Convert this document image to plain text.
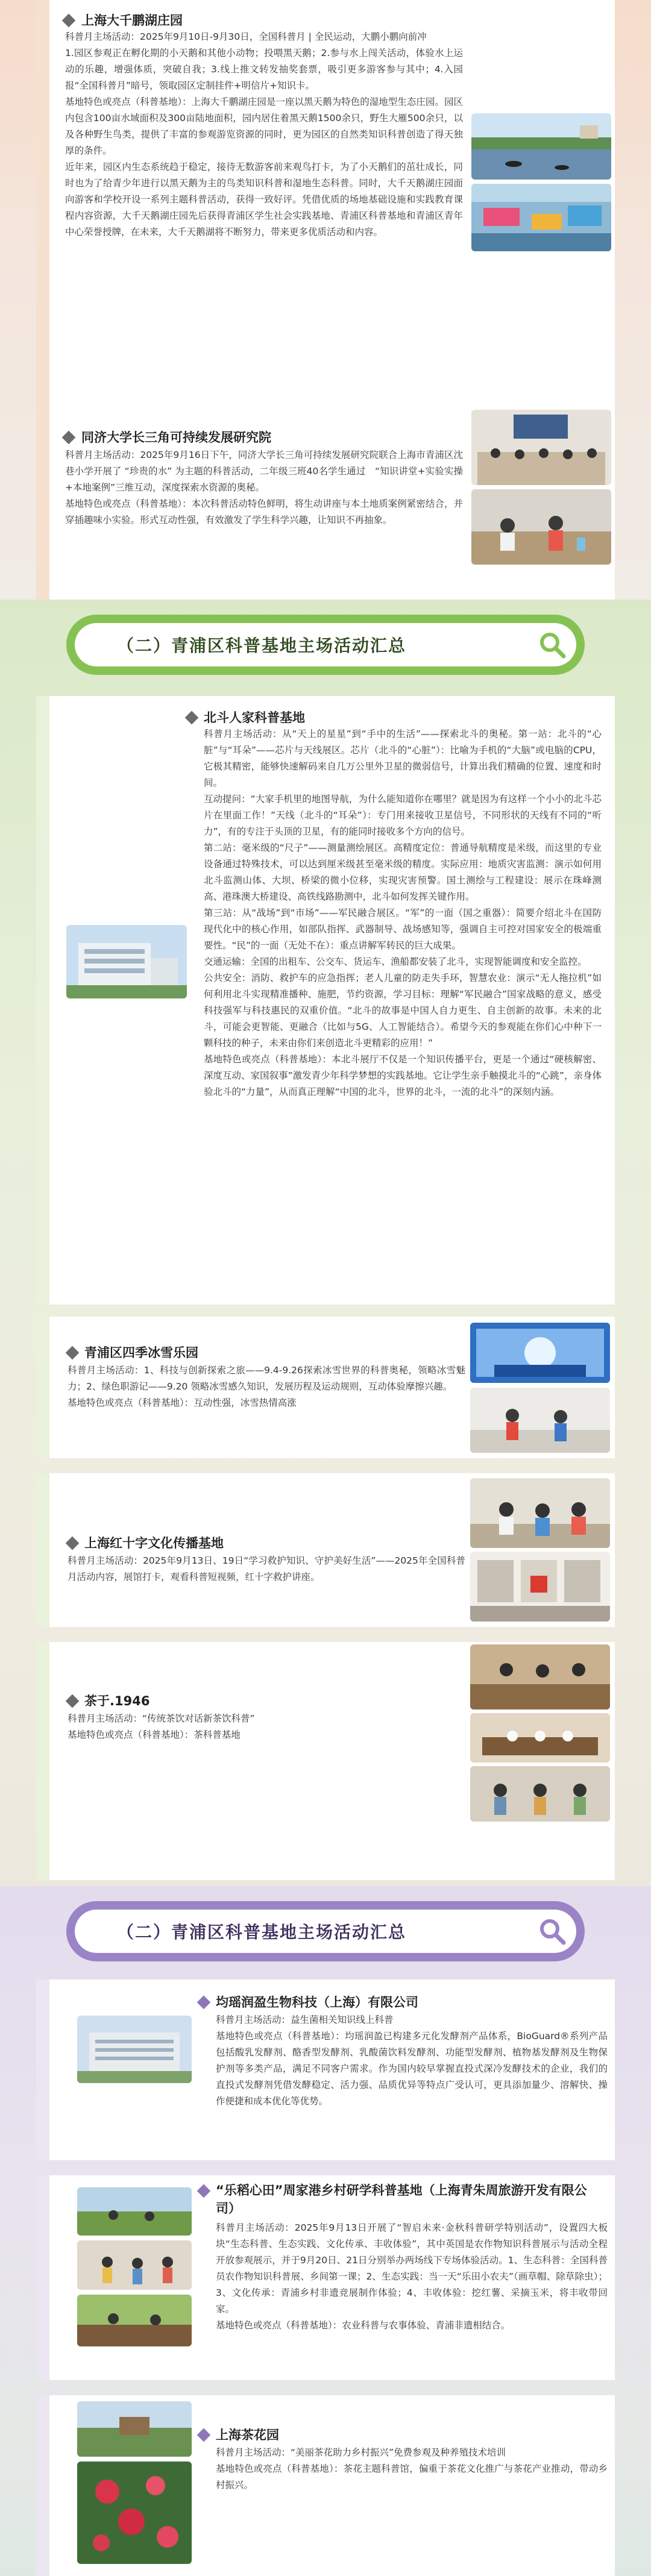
上海大千鹏湖庄园

科普月主场活动：2025年9月10日-9月30日，全国科普月 | 全民运动，大鹏小鹏向前冲

1.园区参观正在孵化期的小天鹅和其他小动物；投喂黑天鹅；2.参与水上闯关活动，体验水上运动的乐趣，增强体质，突破自我；3.线上推文转发抽奖套票，吸引更多游客参与其中；4.入园报“全国科普月”暗号，领取园区定制挂件+明信片+知识卡。

基地特色或亮点（科普基地）：上海大千鹏湖庄园是一座以黑天鹅为特色的湿地型生态庄园。园区内包含100亩水域面积及300亩陆地面积，园内居住着黑天鹅1500余只，野生大雁500余只，以及各种野生鸟类，提供了丰富的参观游览资源的同时，更为园区的自然类知识科普创造了得天独厚的条件。

近年来，园区内生态系统趋于稳定，接待无数游客前来观鸟打卡，为了小天鹅们的茁壮成长，同时也为了给青少年进行以黑天鹅为主的鸟类知识科普和湿地生态科普。同时，大千天鹅湖庄园面向游客和学校开设一系列主题科普活动，获得一致好评。凭借优质的场地基础设施和实践教育课程内容资源，大千天鹅湖庄园先后获得青浦区学生社会实践基地、青浦区科普基地和青浦区青年中心荣誉授牌，在未来，大千天鹅湖将不断努力，带来更多优质活动和内容。

同济大学长三角可持续发展研究院

科普月主场活动：2025年9月16日下午，同济大学长三角可持续发展研究院联合上海市青浦区沈巷小学开展了 “珍贵的水” 为主题的科普活动，二年级三班40名学生通过　“知识讲堂+实验实操+本地案例”三维互动，深度探索水资源的奥秘。

基地特色或亮点（科普基地）：本次科普活动特色鲜明，将生动讲座与本土地质案例紧密结合，并穿插趣味小实验。形式互动性强，有效激发了学生科学兴趣，让知识不再抽象。

（二）青浦区科普基地主场活动汇总
北斗人家科普基地

科普月主场活动：从“天上的星星”到“手中的生活”——探索北斗的奥秘。第一站：北斗的“心脏”与“耳朵”——芯片与天线展区。芯片（北斗的“心脏”）：比喻为手机的“大脑”或电脑的CPU，它极其精密，能够快速解码来自几万公里外卫星的微弱信号，计算出我们精确的位置、速度和时间。

互动提问：“大家手机里的地图导航，为什么能知道你在哪里？就是因为有这样一个小小的北斗芯片在里面工作！”天线（北斗的“耳朵”）：专门用来接收卫星信号，不同形状的天线有不同的“听力”，有的专注于头顶的卫星，有的能同时接收多个方向的信号。

第二站：毫米级的“尺子”——测量测绘展区。高精度定位：普通导航精度是米级，而这里的专业设备通过特殊技术，可以达到厘米级甚至毫米级的精度。实际应用：地质灾害监测：演示如何用北斗监测山体、大坝、桥梁的微小位移，实现灾害预警。国土测绘与工程建设：展示在珠峰测高、港珠澳大桥建设、高铁线路勘测中，北斗如何发挥关键作用。

第三站：从“战场”到“市场”——军民融合展区。“军”的一面（国之重器）：简要介绍北斗在国防现代化中的核心作用，如部队指挥、武器制导、战场感知等，强调自主可控对国家安全的极端重要性。“民”的一面（无处不在）：重点讲解军转民的巨大成果。

交通运输：全国的出租车、公交车、货运车、渔船都安装了北斗，实现智能调度和安全监控。

公共安全：消防、救护车的应急指挥；老人儿童的防走失手环，智慧农业：演示“无人拖拉机”如何利用北斗实现精准播种、施肥，节约资源，学习目标：理解“军民融合”国家战略的意义，感受科技强军与科技惠民的双重价值。“北斗的故事是中国人自力更生、自主创新的故事。未来的北斗，可能会更智能、更融合（比如与5G、人工智能结合）。希望今天的参观能在你们心中种下一颗科技的种子，未来由你们来创造北斗更精彩的应用！”

基地特色或亮点（科普基地）：本北斗展厅不仅是一个知识传播平台，更是一个通过“硬核解密、深度互动、家国叙事”激发青少年科学梦想的实践基地。它让学生亲手触摸北斗的“心跳”，亲身体验北斗的“力量”，从而真正理解“中国的北斗，世界的北斗，一流的北斗”的深刻内涵。

青浦区四季冰雪乐园

科普月主场活动：1、科技与创新探索之旅——9.4-9.26探索冰雪世界的科普奥秘，领略冰雪魅力；2、绿色职游记——9.20 领略冰雪感久知识，发展历程及运动规则，互动体验摩擦兴趣。

基地特色或亮点（科普基地）：互动性强，冰雪热情高涨

上海红十字文化传播基地

科普月主场活动：2025年9月13日、19日“学习救护知识、守护美好生活”——2025年全国科普月活动内容，展馆打卡，观看科普短视频，红十字救护讲座。

茶于.1946

科普月主场活动：“传统茶饮对话新茶饮科普”

基地特色或亮点（科普基地）：茶科普基地

（二）青浦区科普基地主场活动汇总
均瑶润盈生物科技（上海）有限公司

科普月主场活动：益生菌相关知识线上科普

基地特色或亮点（科普基地）：均瑶润盈已构建多元化发酵剂产品体系，BioGuard®系列产品包括酸乳发酵剂、酪香型发酵剂、乳酸菌饮料发酵剂、功能型发酵剂、植物基发酵剂及生物保护剂等多类产品，满足不同客户需求。作为国内较早掌握直投式深冷发酵技术的企业，我们的直投式发酵剂凭借发酵稳定、活力强、品质优异等特点广受认可，更具添加量少、溶解快、操作便捷和成本优化等优势。

“乐稻心田”周家港乡村研学科普基地（上海青朱周旅游开发有限公司）

科普月主场活动：2025年9月13日开展了“智启未来·金秋科普研学特别活动”，设置四大板块“生态科普、生态实践、文化传承、丰收体验”，其中英国是农作物知识科普展示与活动全程开放参观展示，并于9月20日、21日分别举办两场线下专场体验活动。1、生态科普：全国科普员农作物知识科普展、乡间第一课；2、生态实践：当一天“乐田小农夫”（画草帽、除草除虫）；3、文化传承：青浦乡村非遗竞展制作体验；4、丰收体验：挖红薯、采摘玉米，将丰收带回家。

基地特色或亮点（科普基地）：农业科普与农事体验、青浦非遗相结合。

上海茶花园

科普月主场活动：“美丽茶花助力乡村振兴”免费参观及种养殖技术培训

基地特色或亮点（科普基地）：茶花主题科普馆，偏重于茶花文化推广与茶花产业推动，带动乡村振兴。
